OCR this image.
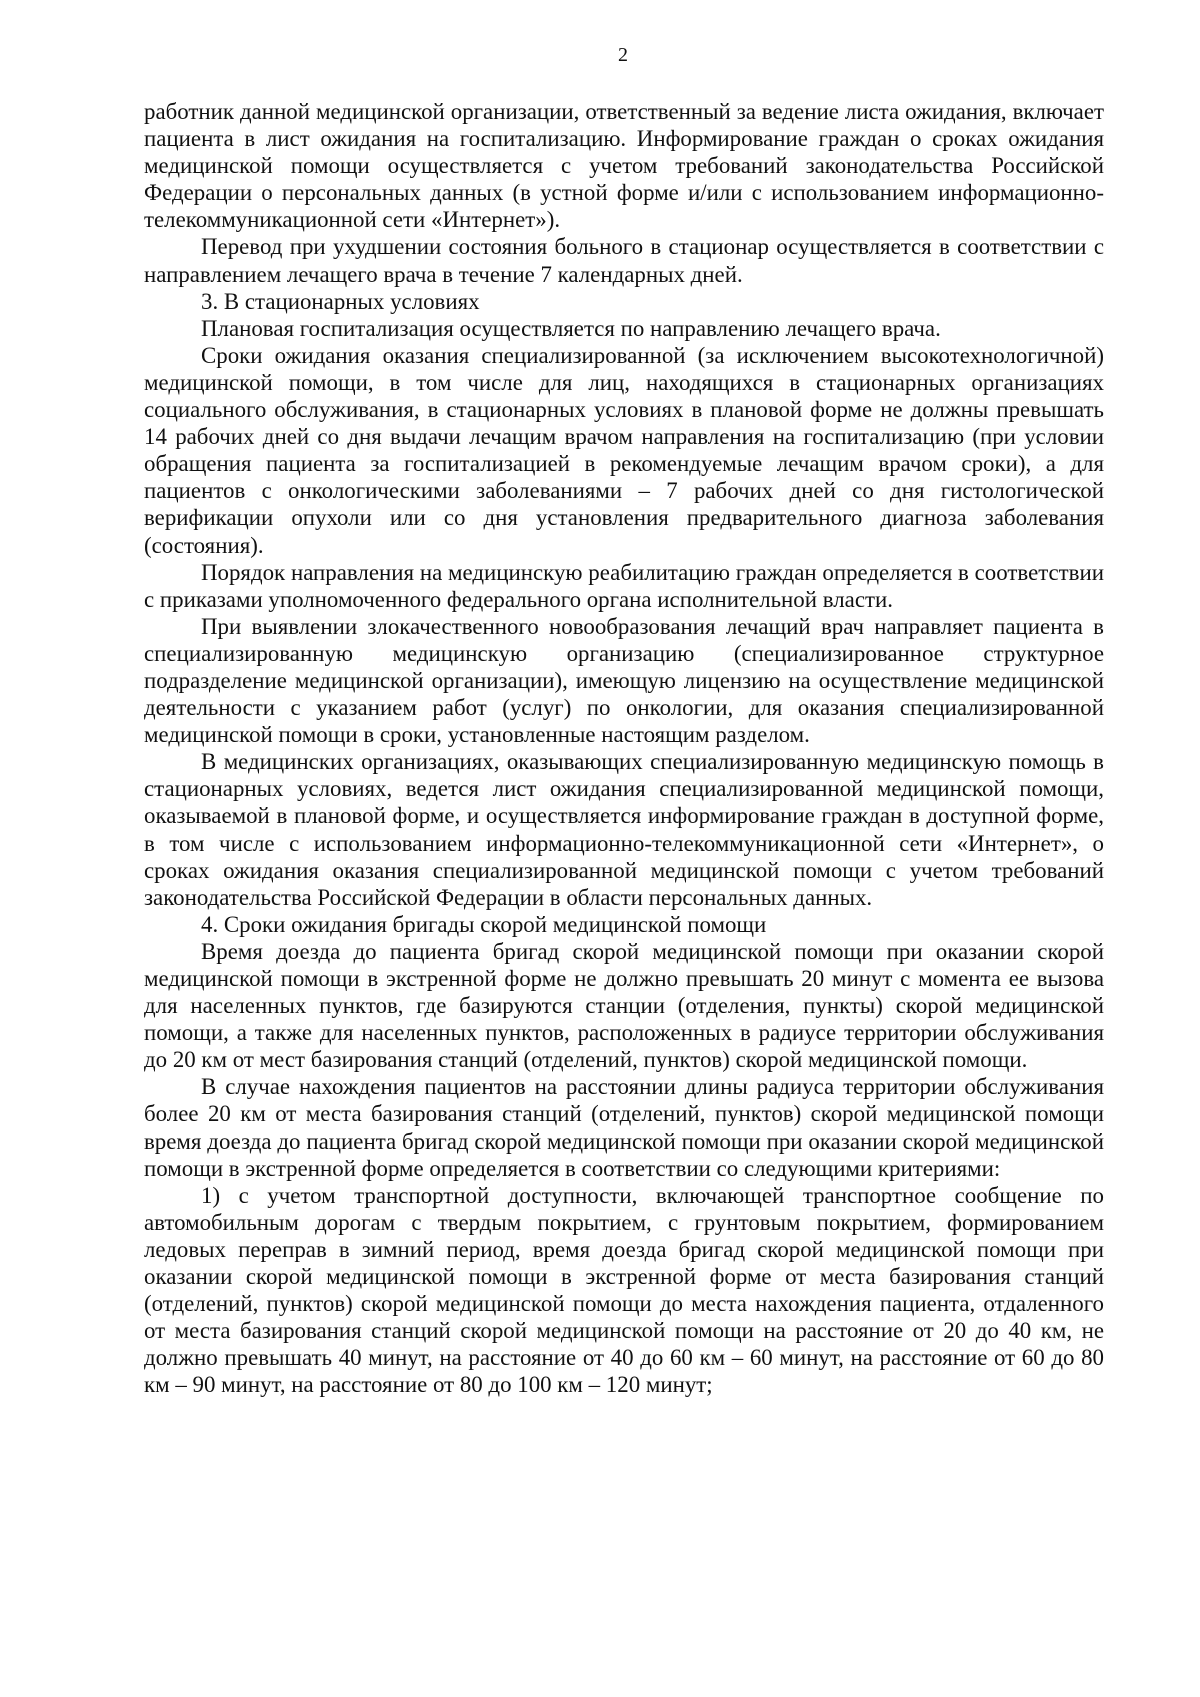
2

работник данной медицинской организации, ответственный за ведение листа ожидания, включает пациента в лист ожидания на госпитализацию. Информирование граждан о сроках ожидания медицинской помощи осуществляется с учетом требований законодательства Российской Федерации о персональных данных (в устной форме и/или с использованием информационно-телекоммуникационной сети «Интернет»).

Перевод при ухудшении состояния больного в стационар осуществляется в соответствии с направлением лечащего врача в течение 7 календарных дней.

3. В стационарных условиях

Плановая госпитализация осуществляется по направлению лечащего врача.

Сроки ожидания оказания специализированной (за исключением высокотехнологичной) медицинской помощи, в том числе для лиц, находящихся в стационарных организациях социального обслуживания, в стационарных условиях в плановой форме не должны превышать 14 рабочих дней со дня выдачи лечащим врачом направления на госпитализацию (при условии обращения пациента за госпитализацией в рекомендуемые лечащим врачом сроки), а для пациентов с онкологическими заболеваниями – 7 рабочих дней со дня гистологической верификации опухоли или со дня установления предварительного диагноза заболевания (состояния).

Порядок направления на медицинскую реабилитацию граждан определяется в соответствии с приказами уполномоченного федерального органа исполнительной власти.

При выявлении злокачественного новообразования лечащий врач направляет пациента в специализированную медицинскую организацию (специализированное структурное подразделение медицинской организации), имеющую лицензию на осуществление медицинской деятельности с указанием работ (услуг) по онкологии, для оказания специализированной медицинской помощи в сроки, установленные настоящим разделом.

В медицинских организациях, оказывающих специализированную медицинскую помощь в стационарных условиях, ведется лист ожидания специализированной медицинской помощи, оказываемой в плановой форме, и осуществляется информирование граждан в доступной форме, в том числе с использованием информационно-телекоммуникационной сети «Интернет», о сроках ожидания оказания специализированной медицинской помощи с учетом требований законодательства Российской Федерации в области персональных данных.

4. Сроки ожидания бригады скорой медицинской помощи

Время доезда до пациента бригад скорой медицинской помощи при оказании скорой медицинской помощи в экстренной форме не должно превышать 20 минут с момента ее вызова для населенных пунктов, где базируются станции (отделения, пункты) скорой медицинской помощи, а также для населенных пунктов, расположенных в радиусе территории обслуживания до 20 км от мест базирования станций (отделений, пунктов) скорой медицинской помощи.

В случае нахождения пациентов на расстоянии длины радиуса территории обслуживания более 20 км от места базирования станций (отделений, пунктов) скорой медицинской помощи время доезда до пациента бригад скорой медицинской помощи при оказании скорой медицинской помощи в экстренной форме определяется в соответствии со следующими критериями:

1) с учетом транспортной доступности, включающей транспортное сообщение по автомобильным дорогам с твердым покрытием, с грунтовым покрытием, формированием ледовых переправ в зимний период, время доезда бригад скорой медицинской помощи при оказании скорой медицинской помощи в экстренной форме от места базирования станций (отделений, пунктов) скорой медицинской помощи до места нахождения пациента, отдаленного от места базирования станций скорой медицинской помощи на расстояние от 20 до 40 км, не должно превышать 40 минут, на расстояние от 40 до 60 км – 60 минут, на расстояние от 60 до 80 км – 90 минут, на расстояние от 80 до 100 км – 120 минут;
